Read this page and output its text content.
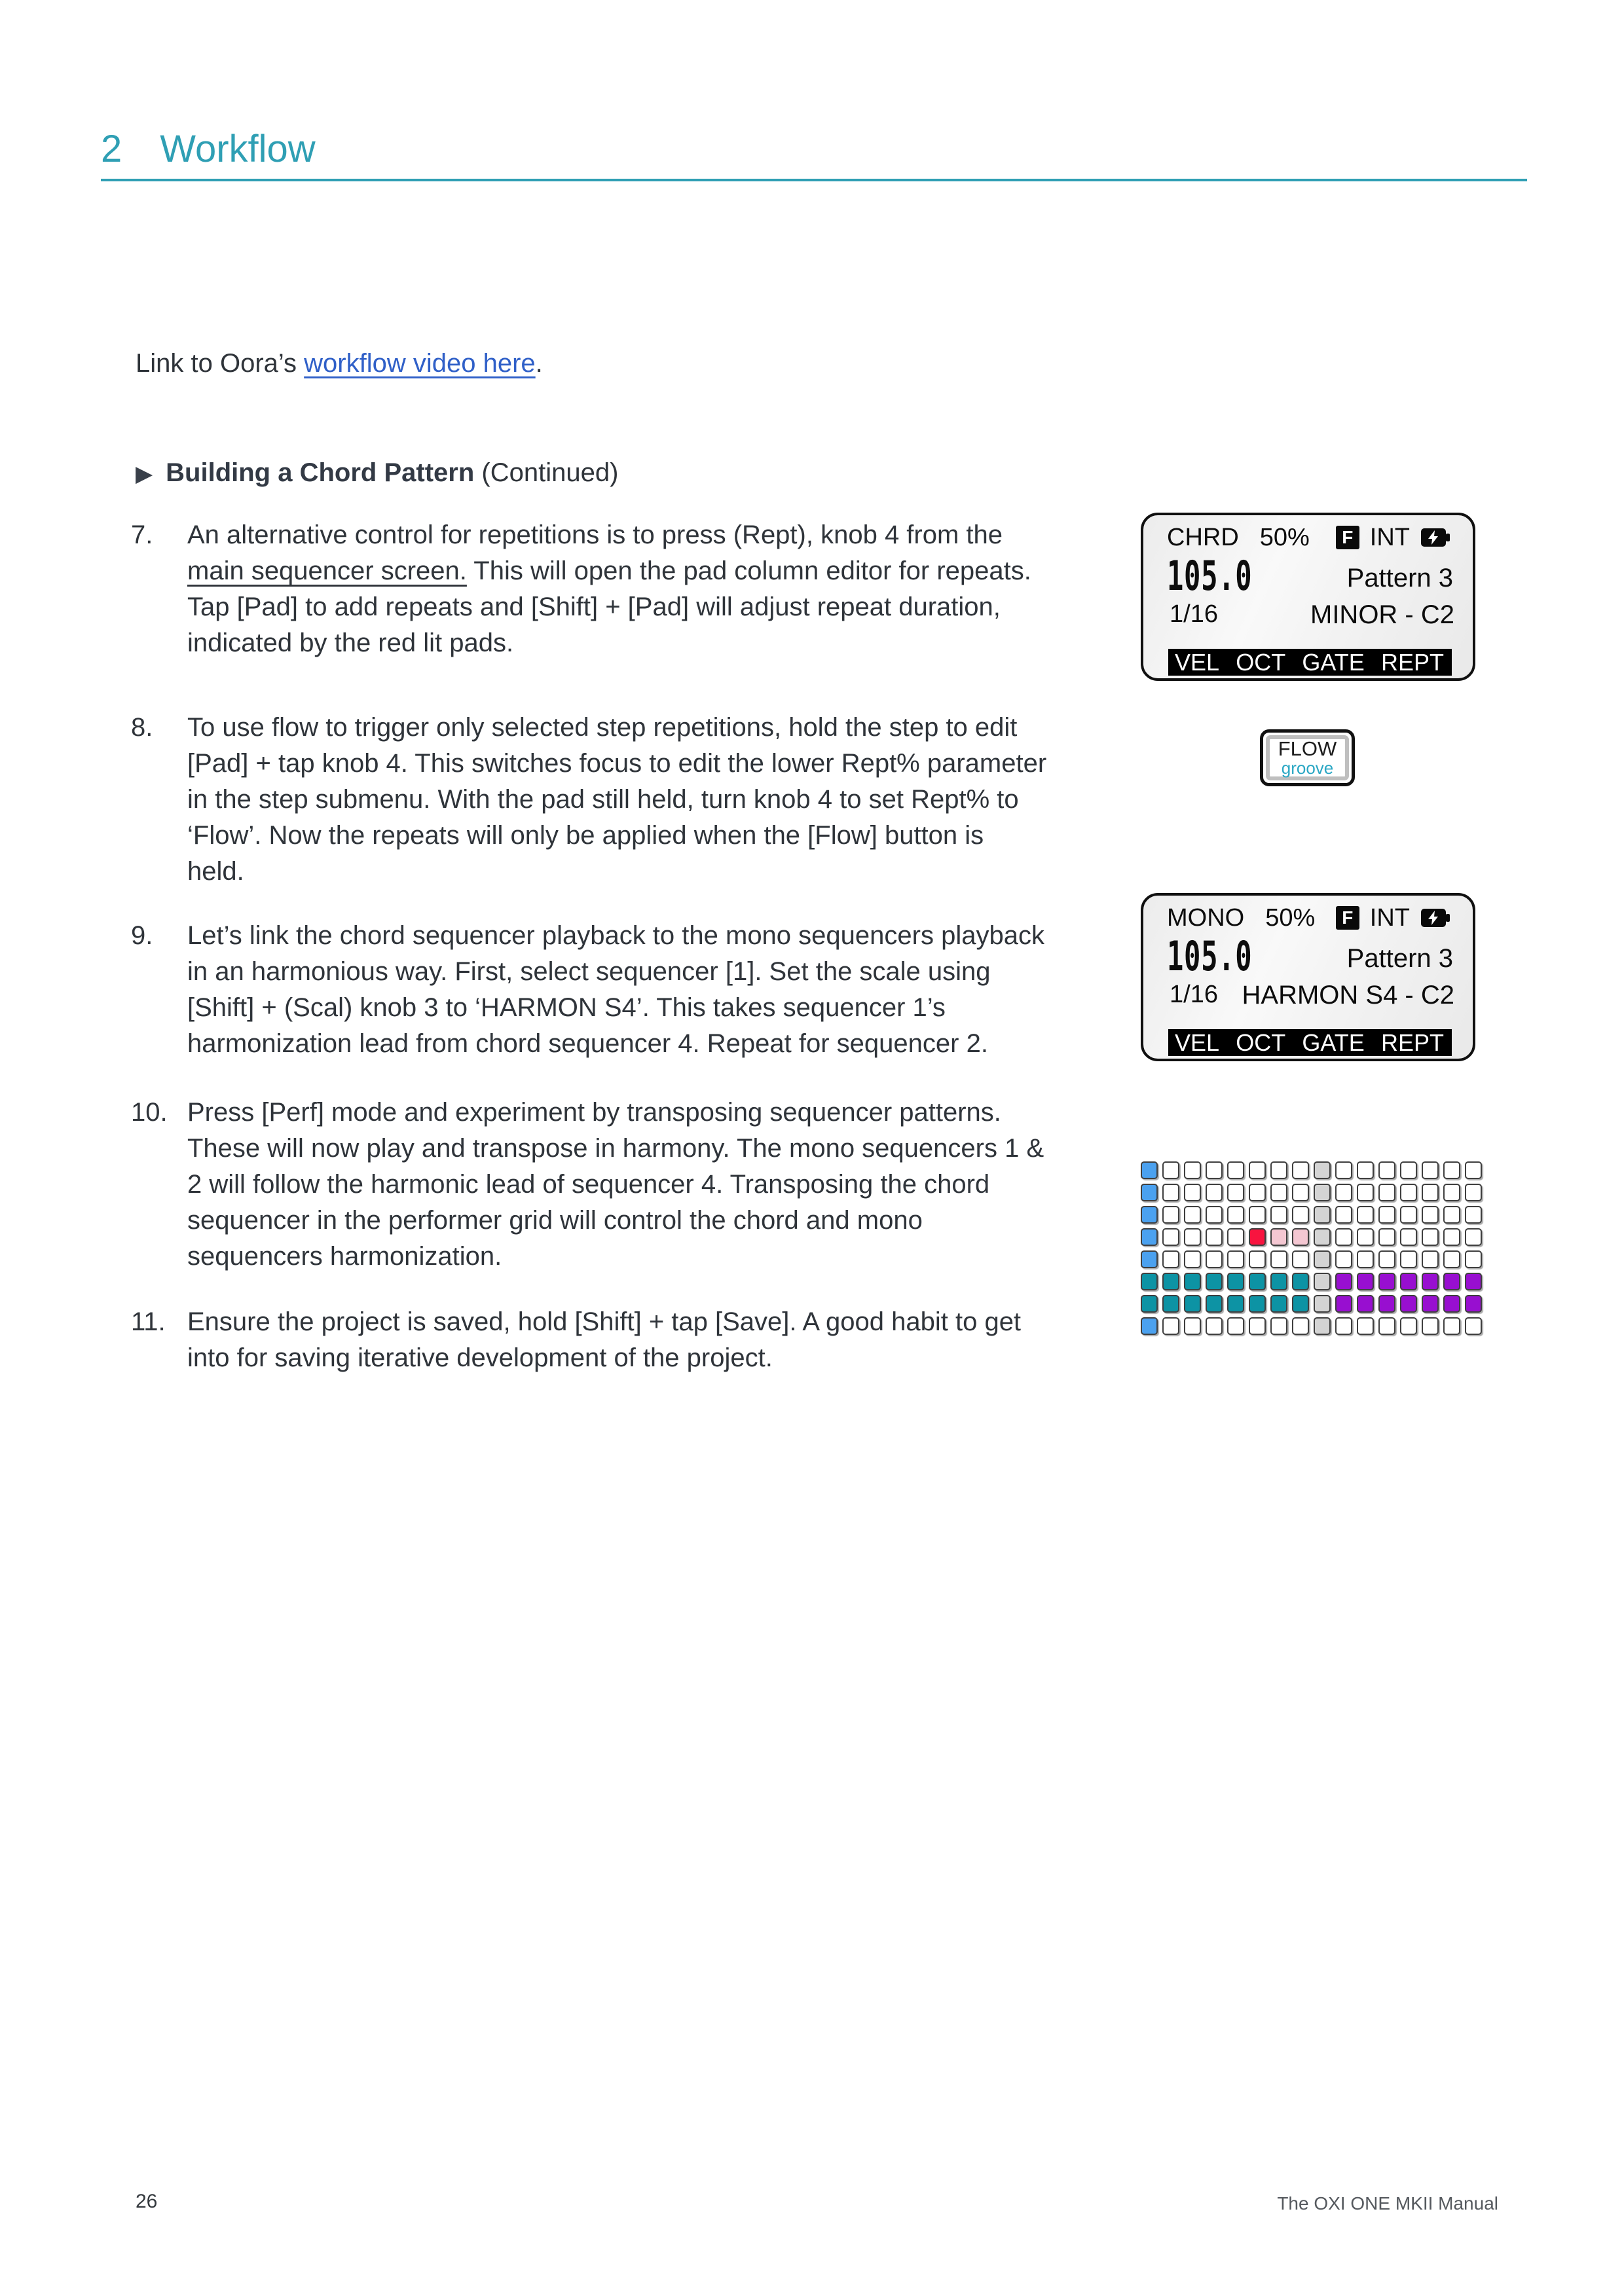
2 Workflow
Link to Oora’s workflow video here.
▶ Building a Chord Pattern (Continued)
7. An alternative control for repetitions is to press (Rept), knob 4 from the main sequencer screen. This will open the pad column editor for repeats. Tap [Pad] to add repeats and [Shift] + [Pad] will adjust repeat duration, indicated by the red lit pads.
8. To use flow to trigger only selected step repetitions, hold the step to edit [Pad] + tap knob 4. This switches focus to edit the lower Rept% parameter in the step submenu. With the pad still held, turn knob 4 to set Rept% to ‘Flow’. Now the repeats will only be applied when the [Flow] button is held.
9. Let’s link the chord sequencer playback to the mono sequencers playback in an harmonious way. First, select sequencer [1]. Set the scale using [Shift] + (Scal) knob 3 to ‘HARMON S4’. This takes sequencer 1’s harmonization lead from chord sequencer 4. Repeat for sequencer 2.
10. Press [Perf] mode and experiment by transposing sequencer patterns. These will now play and transpose in harmony. The mono sequencers 1 & 2 will follow the harmonic lead of sequencer 4. Transposing the chord sequencer in the performer grid will control the chord and mono sequencers harmonization.
11. Ensure the project is saved, hold [Shift] + tap [Save]. A good habit to get into for saving iterative development of the project.
CHRD 50%	F INT
105.0	Pattern 3
1/16	MINOR - C2
VEL OCT GATE REPT
FLOW
groove
MONO 50%	F INT
105.0	Pattern 3
1/16 HARMON S4 - C2
VEL OCT GATE REPT
26	The OXI ONE MKII Manual
